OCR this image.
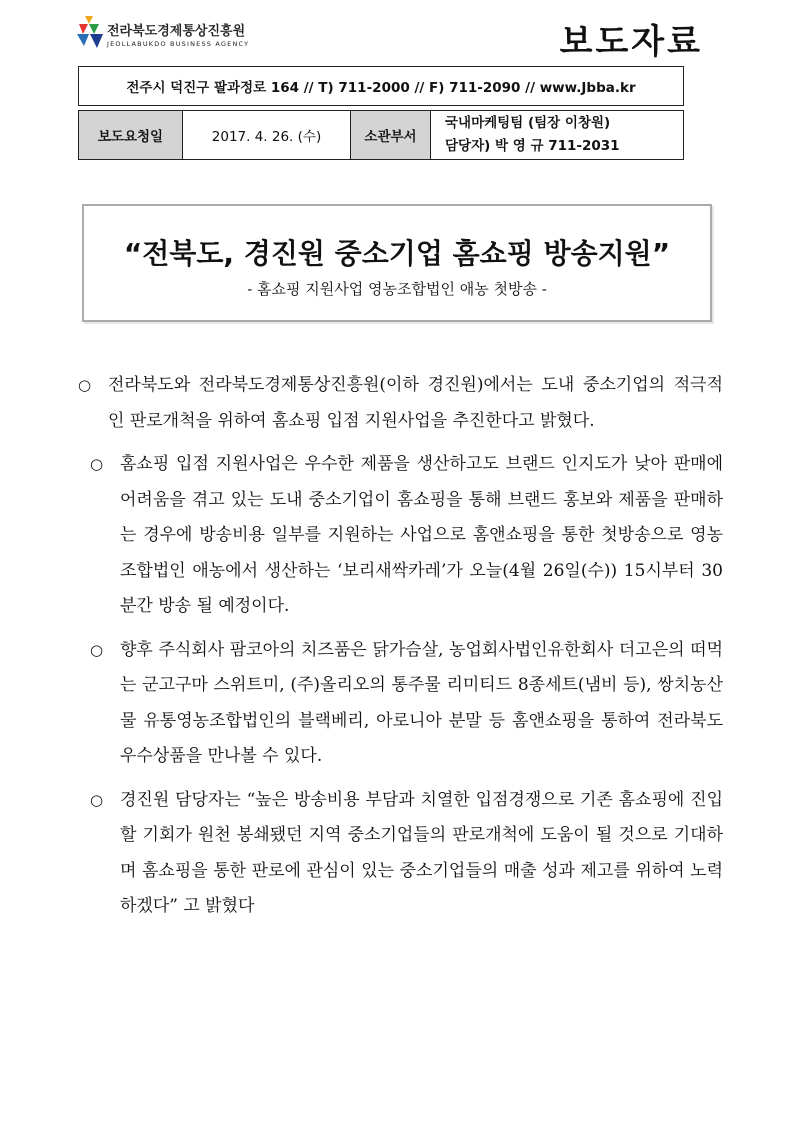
전라북도경제통상진흥원
JEOLLABUKDO BUSINESS AGENCY	보도자료
전주시 덕진구 팔과정로 164 // T) 711-2000 // F) 711-2090 // www.Jbba.kr
보도요청일	2017. 4. 26. (수)	소관부서
국내마케팅팀 (팀장 이창원)
담당자) 박 영 규 711-2031
“전북도, 경진원 중소기업 홈쇼핑 방송지원”
- 홈쇼핑 지원사업 영농조합법인 애농 첫방송 -
○ 전라북도와 전라북도경제통상진흥원(이하 경진원)에서는 도내 중소기업의 적극적인 판로개척을 위하여 홈쇼핑 입점 지원사업을 추진한다고 밝혔다.
○ 홈쇼핑 입점 지원사업은 우수한 제품을 생산하고도 브랜드 인지도가 낮아 판매에 어려움을 겪고 있는 도내 중소기업이 홈쇼핑을 통해 브랜드 홍보와 제품을 판매하는 경우에 방송비용 일부를 지원하는 사업으로 홈앤쇼핑을 통한 첫방송으로 영농조합법인 애농에서 생산하는 ‘보리새싹카레’가 오늘(4월 26일(수)) 15시부터 30분간 방송 될 예정이다.
○ 향후 주식회사 팜코아의 치즈품은 닭가슴살, 농업회사법인유한회사 더고은의 떠먹는 군고구마 스위트미, (주)올리오의 통주물 리미티드 8종세트(냄비 등), 쌍치농산물 유통영농조합법인의 블랙베리, 아로니아 분말 등 홈앤쇼핑을 통하여 전라북도 우수상품을 만나볼 수 있다.
○ 경진원 담당자는 “높은 방송비용 부담과 치열한 입점경쟁으로 기존 홈쇼핑에 진입할 기회가 원천 봉쇄됐던 지역 중소기업들의 판로개척에 도움이 될 것으로 기대하며 홈쇼핑을 통한 판로에 관심이 있는 중소기업들의 매출 성과 제고를 위하여 노력하겠다” 고 밝혔다
